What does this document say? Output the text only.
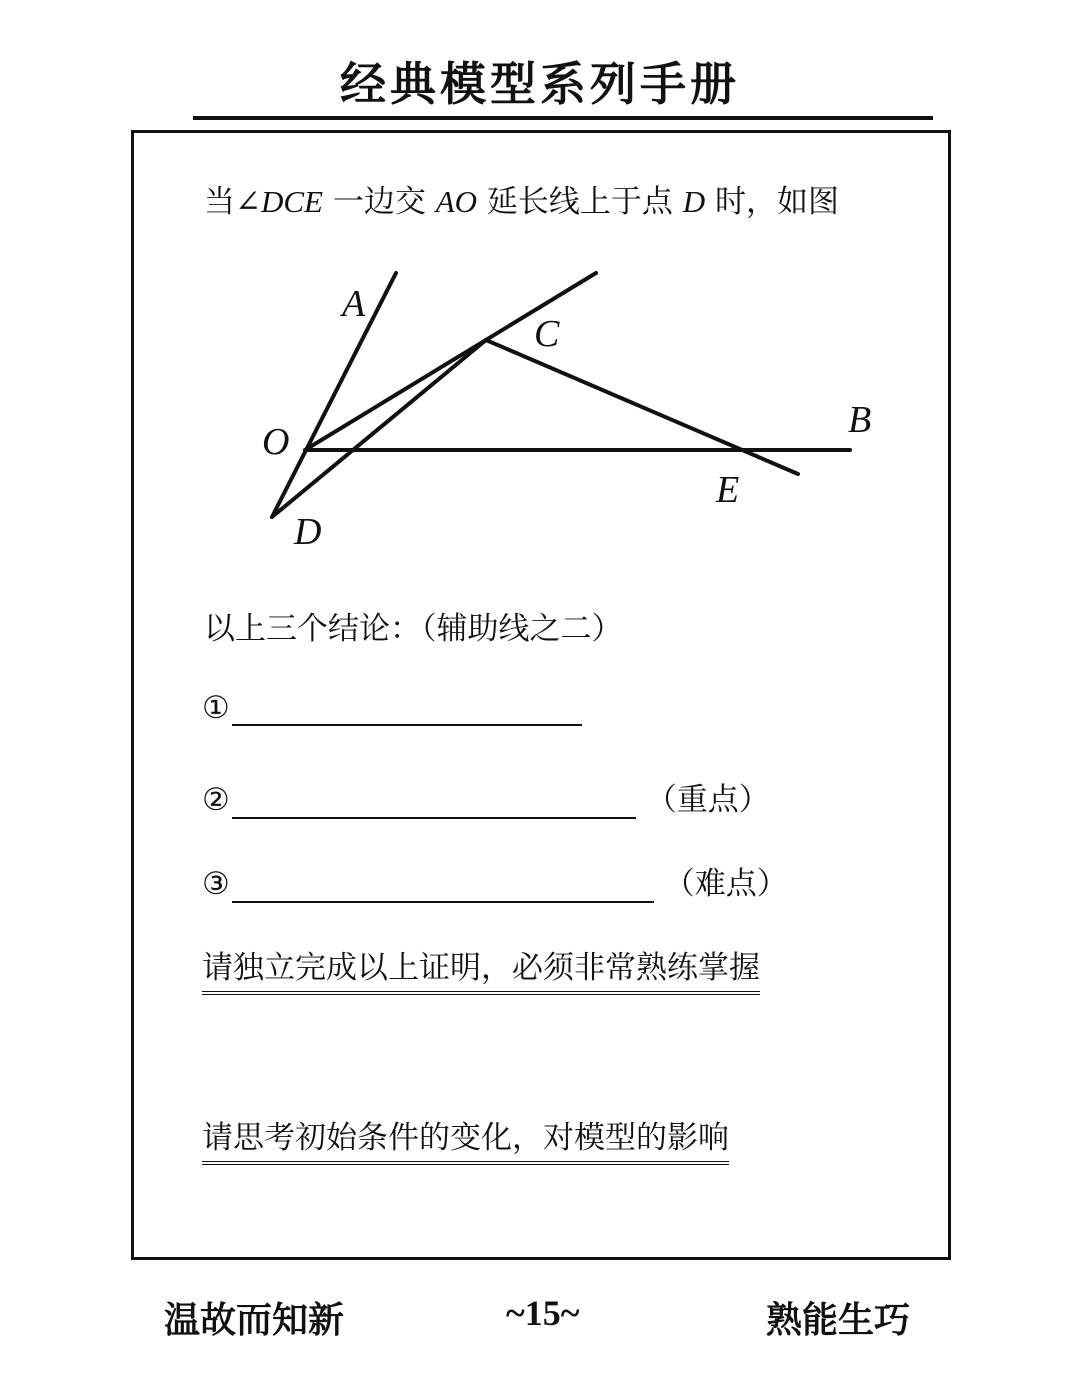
经典模型系列手册
当∠DCE 一边交 AO 延长线上于点 D 时，如图
A
C
B
O
E
D
以上三个结论：（辅助线之二）
①
②	（重点）
③	（难点）
请独立完成以上证明，必须非常熟练掌握
请思考初始条件的变化，对模型的影响
温故而知新	~15~	熟能生巧
